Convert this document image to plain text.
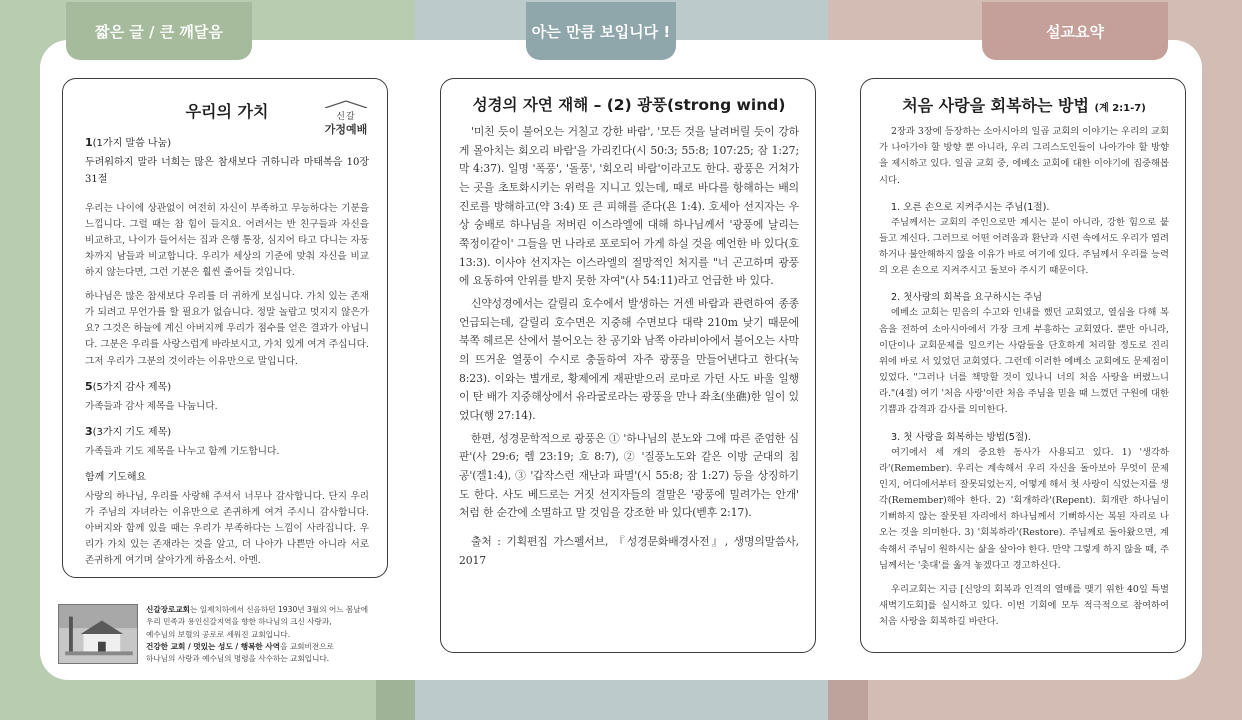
짧은 글 / 큰 깨달음	아는 만큼 보입니다 !	설교요약
신갈
가정예배
우리의 가치
1(1가지 말씀 나눔)

두려워하지 말라 너희는 많은 참새보다 귀하니라 마태복음 10장 31절

우리는 나이에 상관없이 여전히 자신이 부족하고 무능하다는 기분을 느낍니다. 그럴 때는 참 힘이 들지요. 어려서는 반 친구들과 자신을 비교하고, 나이가 들어서는 집과 은행 통장, 심지어 타고 다니는 자동차까지 남들과 비교합니다. 우리가 세상의 기준에 맞춰 자신을 비교하지 않는다면, 그런 기분은 훨씬 줄어들 것입니다.

하나님은 많은 참새보다 우리를 더 귀하게 보십니다. 가치 있는 존재가 되려고 무언가를 할 필요가 없습니다. 정말 놀랍고 멋지지 않은가요? 그것은 하늘에 계신 아버지께 우리가 점수를 얻은 결과가 아닙니다. 그분은 우리를 사랑스럽게 바라보시고, 가치 있게 여겨 주십니다. 그저 우리가 그분의 것이라는 이유만으로 말입니다.

5(5가지 감사 제목)

가족들과 감사 제목을 나눕니다.

3(3가지 기도 제목)

가족들과 기도 제목을 나누고 함께 기도합니다.

함께 기도해요

사랑의 하나님, 우리를 사랑해 주셔서 너무나 감사합니다. 단지 우리가 주님의 자녀라는 이유만으로 존귀하게 여겨 주시니 감사합니다. 아버지와 함께 있을 때는 우리가 부족하다는 느낌이 사라집니다. 우리가 가치 있는 존재라는 것을 알고, 더 나아가 나쁜만 아니라 서로 존귀하게 여기며 살아가게 하옵소서. 아멘.

신갈장로교회는 일제치하에서 신음하던 1930년 3월의 어느 봄날에
우리 민족과 용인신갈지역을 향한 하나님의 크신 사랑과,
예수님의 보혈의 공로로 세워진 교회입니다.
건강한 교회 / 멋있는 성도 / 행복한 사역을 교회비전으로
하나님의 사랑과 예수님의 명령을 사수하는 교회입니다.
성경의 자연 재해 – (2) 광풍(strong wind)

'미친 듯이 불어오는 거칠고 강한 바람', '모든 것을 날려버릴 듯이 강하게 몰아치는 회오리 바람'을 가리킨다(시 50:3; 55:8; 107:25; 잠 1:27; 막 4:37). 일명 '폭풍', '돌풍', '회오리 바람'이라고도 한다. 광풍은 거쳐가는 곳을 초토화시키는 위력을 지니고 있는데, 때로 바다를 항해하는 배의 진로를 방해하고(약 3:4) 또 큰 피해를 준다(욘 1:4). 호세아 선지자는 우상 숭배로 하나님을 저버린 이스라엘에 대해 하나님께서 '광풍에 날리는 쭉정이같이' 그들을 먼 나라로 포로되어 가게 하실 것을 예언한 바 있다(호 13:3). 이사야 선지자는 이스라엘의 절망적인 처지를 "너 곤고하며 광풍에 요동하여 안위를 받지 못한 자여"(사 54:11)라고 언급한 바 있다.

신약성경에서는 갈릴리 호수에서 발생하는 거센 바람과 관련하여 종종 언급되는데, 갈릴리 호수면은 지중해 수면보다 대략 210m 낮기 때문에 북쪽 헤르몬 산에서 불어오는 찬 공기와 남쪽 아라비아에서 불어오는 사막의 뜨거운 열풍이 수시로 충돌하여 자주 광풍을 만들어낸다고 한다(눅 8:23). 이와는 별개로, 황제에게 재판받으러 로마로 가던 사도 바울 일행이 탄 배가 지중해상에서 유라굴로라는 광풍을 만나 좌초(坐礁)한 일이 있었다(행 27:14).

한편, 성경문학적으로 광풍은 ① '하나님의 분노와 그에 따른 준엄한 심판'(사 29:6; 렘 23:19; 호 8:7), ② '질풍노도와 같은 이방 군대의 침공'(겔1:4), ③ '갑작스런 재난과 파멸'(시 55:8; 잠 1:27) 등을 상징하기도 한다. 사도 베드로는 거짓 선지자들의 결말은 '광풍에 밀려가는 안개' 처럼 한 순간에 소멸하고 말 것임을 강조한 바 있다(벧후 2:17).

출처 : 기획편집 가스펠서브, 『성경문화배경사전』, 생명의말씀사, 2017

처음 사랑을 회복하는 방법 (계 2:1-7)

2장과 3장에 등장하는 소아시아의 일곱 교회의 이야기는 우리의 교회가 나아가야 할 방향 뿐 아니라, 우리 그리스도인들이 나아가야 할 방향을 제시하고 있다. 일곱 교회 중, 에베소 교회에 대한 이야기에 집중해봅시다.

1. 오른 손으로 지켜주시는 주님(1절).

주님께서는 교회의 주인으로만 계시는 분이 아니라, 강한 힘으로 붙들고 계신다. 그러므로 어떤 어려움과 환난과 시련 속에서도 우리가 염려하거나 불안해하지 않을 이유가 바로 여기에 있다. 주님께서 우리를 능력의 오른 손으로 지켜주시고 돌보아 주시기 때문이다.

2. 첫사랑의 회복을 요구하시는 주님

에베소 교회는 믿음의 수고와 인내를 했던 교회였고, 열심을 다해 복음을 전하여 소아시아에서 가장 크게 부흥하는 교회였다. 뿐만 아니라, 이단이나 교회문제를 일으키는 사람들을 단호하게 처리할 정도로 진리 위에 바로 서 있었던 교회였다. 그런데 이러한 에베소 교회에도 문제점이 있었다. "그러나 너를 책망할 것이 있나니 너의 처음 사랑을 버렸느니라."(4절) 여기 '처음 사랑'이란 처음 주님을 믿을 때 느꼈던 구원에 대한 기쁨과 감격과 감사를 의미한다.

3. 첫 사랑을 회복하는 방법(5절).

여기에서 세 개의 중요한 동사가 사용되고 있다. 1) '생각하라'(Remember). 우리는 계속해서 우리 자신을 돌아보아 무엇이 문제인지, 어디에서부터 잘못되었는지, 어떻게 해서 첫 사랑이 식었는지를 생각(Remember)해야 한다. 2) '회개하라'(Repent). 회개란 하나님이 기뻐하지 않는 잘못된 자리에서 하나님께서 기뻐하시는 복된 자리로 나오는 것을 의미한다. 3) '회복하라'(Restore). 주님께로 돌아왔으면, 계속해서 주님이 원하시는 삶을 살아야 한다. 만약 그렇게 하지 않을 때, 주님께서는 '촛대'를 옮겨 놓겠다고 경고하신다.

우리교회는 지금 [신앙의 회복과 인격의 열매를 맺기 위한 40일 특별새벽기도회]를 실시하고 있다. 이번 기회에 모두 적극적으로 참여하여 처음 사랑을 회복하길 바란다.
